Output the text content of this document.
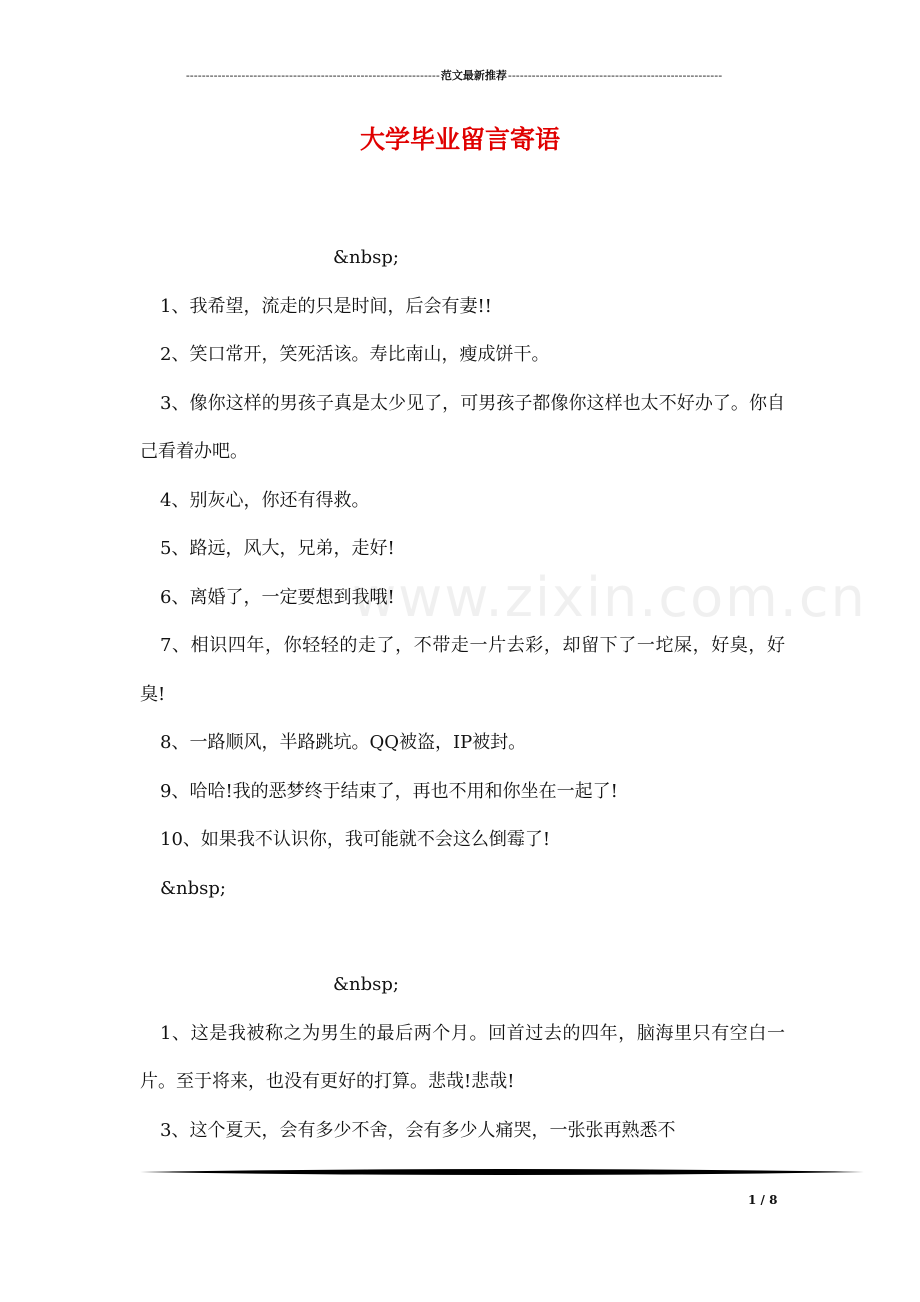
----------------------------------------------------------------范文最新推荐------------------------------------------------------
大学毕业留言寄语
www.zixin.com.cn

&nbsp;

1、我希望，流走的只是时间，后会有妻!!

2、笑口常开，笑死活该。寿比南山，瘦成饼干。

3、像你这样的男孩子真是太少见了，可男孩子都像你这样也太不好办了。你自己看着办吧。

4、别灰心，你还有得救。

5、路远，风大，兄弟，走好!

6、离婚了，一定要想到我哦!

7、相识四年，你轻轻的走了，不带走一片去彩，却留下了一坨屎，好臭，好臭!

8、一路顺风，半路跳坑。QQ被盗，IP被封。

9、哈哈!我的恶梦终于结束了，再也不用和你坐在一起了!

10、如果我不认识你，我可能就不会这么倒霉了!

&nbsp;

&nbsp;

1、这是我被称之为男生的最后两个月。回首过去的四年，脑海里只有空白一片。至于将来，也没有更好的打算。悲哉!悲哉!

3、这个夏天，会有多少不舍，会有多少人痛哭，一张张再熟悉不

1 / 8
